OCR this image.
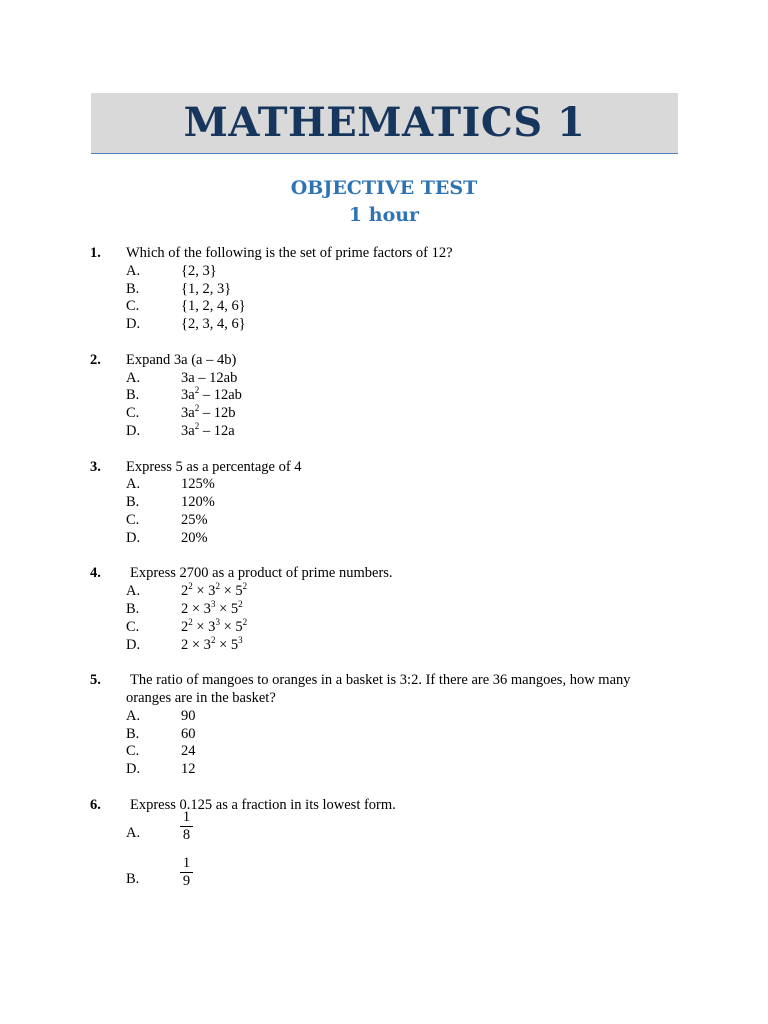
MATHEMATICS 1
OBJECTIVE TEST
1 hour
1. Which of the following is the set of prime factors of 12?
A.	{2, 3}
B.	{1, 2, 3}
C.	{1, 2, 4, 6}
D.	{2, 3, 4, 6}
2. Expand 3a (a – 4b)
A.	3a – 12ab
B.	$3a^2 - 12ab$
C.	$3a^2 - 12b$
D.	$3a^2 - 12a$
3. Express 5 as a percentage of 4
A.	125%
B.	120%
C.	25%
D.	20%
4. Express 2700 as a product of prime numbers.
A.	$2^2 \times 3^2 \times 5^2$
B.	$2 \times 3^3 \times 5^2$
C.	$2^2 \times 3^3 \times 5^2$
D.	$2 \times 3^2 \times 5^3$
5. The ratio of mangoes to oranges in a basket is 3:2. If there are 36 mangoes, how many
oranges are in the basket?
A.	90
B.	60
C.	24
D.	12
6. Express 0.125 as a fraction in its lowest form.
A.
1
8
B.
1
9
